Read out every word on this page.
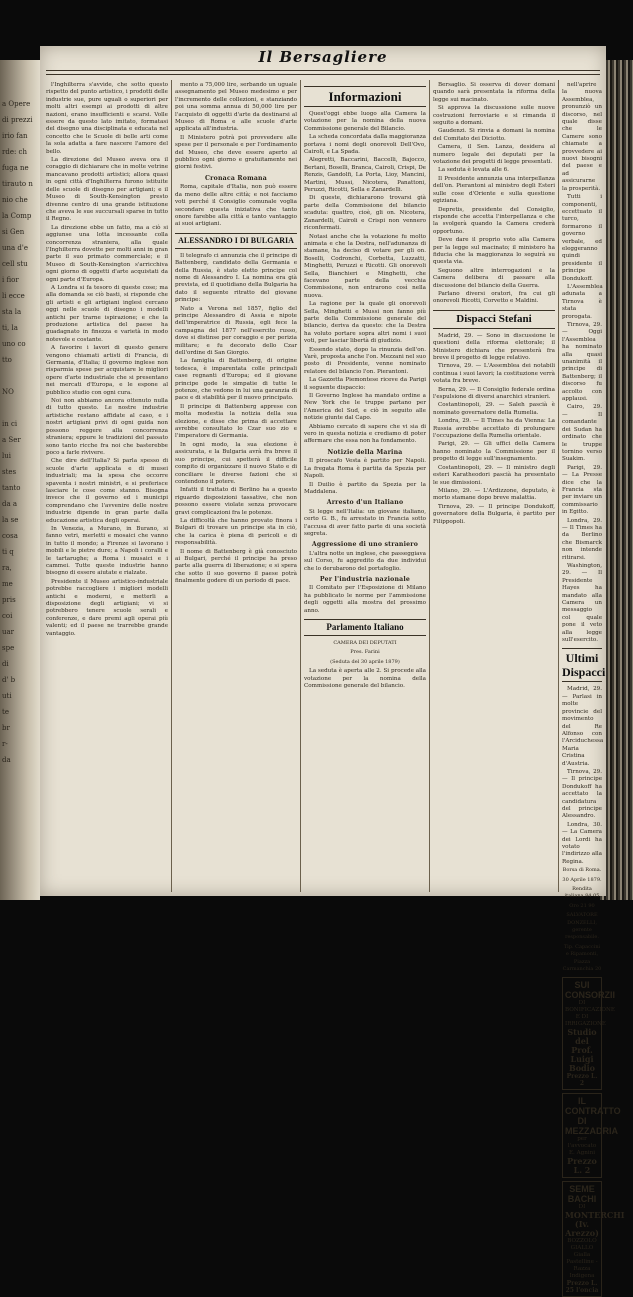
a Opere
di prezzi
irio fan
rde: ch
fuga ne
tirauto n
nio che
la Comp
si Gen
una d'e
cell stu
i fior
li ecce
sta la
ti, la
uno co
tto
NO
in ci
a Ser
lui
stes
tanto
da a
la se
cosa
ti q
ra,
me
pris
coi
uar
spe
di
d' b
uti
te
br
r-
da
Il Bersagliere

l'Inghilterra s'avvide, che sotto questo rispetto del punto artistico, i prodotti delle industrie sue, pure uguali o superiori per molti altri esempi ai prodotti di altre nazioni, erano insufficienti e scarsi. Volle essere da questo lato imitato, formatasi del disegno una disciplinata e educata nel concetto che le Scuole di belle arti come la sola adatta a fare nascere l'amore del bello.

La direzione del Museo aveva ora il coraggio di dichiarare che in molte vetrine mancavano prodotti artistici; allora quasi in ogni città d'Inghilterra furono istituite delle scuole di disegno per artigiani; e il Museo di South-Kensington presto divenne centro di una grande istituzione che aveva le sue succursali sparse in tutto il Regno.

La direzione ebbe un fatto, ma a ciò si aggiunse una lotta incessante colla concorrenza straniera, alla quale l'Inghilterra dovette per molti anni in gran parte il suo primato commerciale; e il Museo di South-Kensington s'arricchiva ogni giorno di oggetti d'arte acquistati da ogni parte d'Europa.

A Londra si fa tesoro di queste cose; ma alla domanda se ciò basti, si risponde che gli artisti e gli artigiani inglesi cercano oggi nelle scuole di disegno i modelli antichi per trarne ispirazione; e che la produzione artistica del paese ha guadagnato in finezza e varietà in modo notevole e costante.

A favorire i lavori di questo genere vengono chiamati artisti di Francia, di Germania, d'Italia; il governo inglese non risparmia spese per acquistare le migliori opere d'arte industriale che si presentano nei mercati d'Europa, e le espone al pubblico studio con ogni cura.

Noi non abbiamo ancora ottenuto nulla di tutto questo. Le nostre industrie artistiche restano affidate al caso, e i nostri artigiani privi di ogni guida non possono reggere alla concorrenza straniera; eppure le tradizioni del passato sono tanto ricche fra noi che basterebbe poco a farle rivivere.

Che dire dell'Italia? Si parla spesso di scuole d'arte applicata e di musei industriali; ma la spesa che occorre spaventa i nostri ministri, e si preferisce lasciare le cose come stanno. Bisogna invece che il governo ed i municipi comprendano che l'avvenire delle nostre industrie dipende in gran parte dalla educazione artistica degli operai.

In Venezia, a Murano, in Burano, si fanno vetri, merletti e mosaici che vanno in tutto il mondo; a Firenze si lavorano i mobili e le pietre dure; a Napoli i coralli e le tartarughe; a Roma i musaici e i cammei. Tutte queste industrie hanno bisogno di essere aiutate e rialzate.

Presidente il Museo artistico-industriale potrebbe raccogliere i migliori modelli antichi e moderni, e metterli a disposizione degli artigiani; vi si potrebbero tenere scuole serali e conferenze, e dare premi agli operai più valenti; ed il paese ne trarrebbe grande vantaggio.

mento a 75,000 lire, serbando un uguale assegnamento pel Museo medesimo e per l'incremento delle collezioni, e stanziando poi una somma annua di 50,000 lire per l'acquisto di oggetti d'arte da destinarsi al Museo di Roma e alle scuole d'arte applicata all'industria.

Il Ministero potrà poi provvedere alle spese per il personale e per l'ordinamento del Museo, che deve essere aperto al pubblico ogni giorno e gratuitamente nei giorni festivi.

Cronaca Romana

Roma, capitale d'Italia, non può essere da meno delle altre città; e noi facciamo voti perché il Consiglio comunale voglia secondare questa iniziativa che tanto onore farebbe alla città e tanto vantaggio ai suoi artigiani.

ALESSANDRO I DI BULGARIA

Il telegrafo ci annunzia che il principe di Battenberg, candidato della Germania e della Russia, è stato eletto principe col nome di Alessandro I. La nomina era già prevista, ed il quotidiano della Bulgaria ha dato il seguente ritratto del giovane principe:

Nato a Verona nel 1857, figlio del principe Alessandro di Assia e nipote dell'imperatrice di Russia, egli fece la campagna del 1877 nell'esercito russo, dove si distinse per coraggio e per perizia militare; e fu decorato dello Czar dell'ordine di San Giorgio.

La famiglia di Battenberg, di origine tedesca, è imparentata colle principali case regnanti d'Europa; ed il giovane principe gode le simpatie di tutte le potenze, che vedono in lui una garanzia di pace e di stabilità per il nuovo principato.

Il principe di Battenberg apprese con molta modestia la notizia della sua elezione, e disse che prima di accettare avrebbe consultato lo Czar suo zio e l'imperatore di Germania.

In ogni modo, la sua elezione è assicurata, e la Bulgaria avrà fra breve il suo principe, cui spetterà il difficile compito di organizzare il nuovo Stato e di conciliare le diverse fazioni che si contendono il potere.

Infatti il trattato di Berlino ha a questo riguardo disposizioni tassative, che non possono essere violate senza provocare gravi complicazioni fra le potenze.

La difficoltà che hanno provato finora i Bulgari di trovare un principe sta in ciò, che la carica è piena di pericoli e di responsabilità.

Il nome di Battenberg è già conosciuto ai Bulgari, perché il principe ha preso parte alla guerra di liberazione; e si spera che sotto il suo governo il paese potrà finalmente godere di un periodo di pace.

Informazioni

Quest'oggi ebbe luogo alla Camera la votazione per la nomina della nuova Commissione generale del Bilancio.

La scheda concordata dalla maggioranza portava i nomi degli onorevoli Dell'Ovo, Cairoli, e La Spada.

Alegretti, Baccarini, Baccelli, Bajocco, Bertani, Boselli, Branca, Cairoli, Crispi, De Renzis, Gandolfi, La Porta, Lioy, Mancini, Martini, Mussi, Nicotera, Panattoni, Peruzzi, Ricotti, Sella e Zanardelli.

Di queste, dichiararono trovarsi già parte della Commissione del bilancio scaduta: quattro, cioè, gli on. Nicotera, Zanardelli, Cairoli e Crispi non vennero riconfermati.

Notasi anche che la votazione fu molto animata e che la Destra, nell'adunanza di stamane, ha deciso di votare per gli on. Boselli, Codronchi, Corbetta, Luzzatti, Minghetti, Peruzzi e Ricotti. Gli onorevoli Sella, Bianchieri e Minghetti, che facevano parte della vecchia Commissione, non entrarono così nella nuova.

La ragione per la quale gli onorevoli Sella, Minghetti e Mussi non fanno più parte della Commissione generale del bilancio, deriva da questo: che la Destra ha voluto portare sopra altri nomi i suoi voti, per lasciar libertà di giudizio.

Essendo stato, dopo la rinunzia dell'on. Varè, proposta anche l'on. Mezzani nel suo posto di Presidente, venne nominato relatore del bilancio l'on. Pierantoni.

La Gazzetta Piemontese riceve da Parigi il seguente dispaccio:

Il Governo Inglese ha mandato ordine a New York che le truppe partano per l'America del Sud, e ciò in seguito alle notizie giunte dal Capo.

Abbiamo cercato di sapere che vi sia di vero in questa notizia e crediamo di poter affermare che essa non ha fondamento.

Notizie della Marina

Il piroscafo Vesta è partito per Napoli. La fregata Roma è partita da Spezia per Napoli.

Il Duilio è partito da Spezia per la Maddalena.

Arresto d'un Italiano

Si legge nell'Italia: un giovane italiano, certo G. B., fu arrestato in Francia sotto l'accusa di aver fatto parte di una società segreta.

Aggressione di uno straniero

L'altra notte un inglese, che passeggiava sul Corso, fu aggredito da due individui che lo derubarono del portafoglio.

Per l'industria nazionale

Il Comitato per l'Esposizione di Milano ha pubblicato le norme per l'ammissione degli oggetti alla mostra del prossimo anno.

Parlamento Italiano

CAMERA DEI DEPUTATI

Pres. Farini

(Seduta del 30 aprile 1879)

La seduta è aperta alle 2. Si procede alla votazione per la nomina della Commissione generale del bilancio.

Bersaglio. Si osserva di dover domani quando sarà presentata la riforma della legge sui macinato.

Si approva la discussione sulle nuove costruzioni ferroviarie e si rimanda il seguito a domani.

Gaudenzi. Si rinvia a domani la nomina del Comitato dei Diciotto.

Camera, il Sen. Lanza, desidera al numero legale dei deputati per la votazione dei progetti di legge presentati.

La seduta è levata alle 6.

Il Presidente annunzia una interpellanza dell'on. Pierantoni al ministro degli Esteri sulle cose d'Oriente e sulla questione egiziana.

Depretis, presidente del Consiglio, risponde che accetta l'interpellanza e che la svolgerà quando la Camera crederà opportuno.

Deve dare il proprio voto alla Camera per la legge sul macinato; il ministero ha fiducia che la maggioranza lo seguirà su questa via.

Seguono altre interrogazioni e la Camera delibera di passare alla discussione del bilancio della Guerra.

Parlano diversi oratori, fra cui gli onorevoli Ricotti, Corvetto e Maldini.

Dispacci Stefani

Madrid, 29. — Sono in discussione le questioni della riforma elettorale; il Ministero dichiara che presenterà fra breve il progetto di legge relativo.

Tirnova, 29. — L'Assemblea dei notabili continua i suoi lavori; la costituzione verrà votata fra breve.

Berna, 29. — Il Consiglio federale ordina l'espulsione di diversi anarchici stranieri.

Costantinopoli, 29. — Saleh pascià è nominato governatore della Rumelia.

Londra, 29. — Il Times ha da Vienna: La Russia avrebbe accettato di prolungare l'occupazione della Rumelia orientale.

Parigi, 29. — Gli uffici della Camera hanno nominato la Commissione per il progetto di legge sull'insegnamento.

Costantinopoli, 29. — Il ministro degli esteri Karatheodori pascià ha presentato le sue dimissioni.

Milano, 29. — L'Ardizzone, deputato, è morto stamane dopo breve malattia.

Tirnova, 29. — Il principe Dondukoff, governatore della Bulgaria, è partito per Filippopoli.

nell'aprire la nuova Assemblea, pronunziò un discorso, nel quale disse che le Camere sono chiamate a provvedere ai nuovi bisogni del paese e ad assicurarne la prosperità.

Tutti i componenti, eccettuato il turco, formarono il governo verbale, ed eleggeranno quindi presidente il principe Dondukoff.

L'Assemblea adunata a Tirnova è stata prorogata.

Tirnova, 29. — Oggi l'Assemblea ha nominato alla quasi unanimità il principe di Battenberg; il discorso fu accolto con applausi.

Cairo, 29. — Il comandante dei Sudan ha ordinato che le truppe tornino verso Suakim.

Parigi, 29. — La Presse dice che la Francia sta per inviare un commissario in Egitto.

Londra, 29. — Il Times ha da Berlino che Bismarck non intende ritirarsi.

Washington, 29. — Il Presidente Hayes ha mandato alla Camera un messaggio col quale pone il veto alla legge sull'esercito.

Ultimi Dispacci

Madrid, 29. — Parlasi in molte provincie del movimento del Re Alfonso con l'Arciduchessa Maria Cristina d'Austria.

Tirnova, 29. — Il principe Dondukoff ha accettato la candidatura del principe Alessandro.

Londra, 30. — La Camera dei Lordi ha votato l'indirizzo alla Regina.

Borsa di Roma.

30 Aprile 1879.

Rendita italiana 84 05

Oro 21 90

SALVATORE DONZELLI, gerente responsabile.

Tip. Capaccini e Ripamonti, Piazza Carmanchia 20

SUI CONSORZII
DI BONIFICAZIONE E DI IRRIGAZIONE
Studio del Prof. Luigi Bodio
Prezzo L. 2
IL CONTRATTO DI MEZZADRIA
per l'avvocato E. Agnini
Prezzo L. 2
SEME BACHI
DI
MONTERCHI (Iv. Arezzo)
BOZZOLO GIALLO
Gialla Pastelline - Razza Indigena
Prezzo L. 25 l'oncia
